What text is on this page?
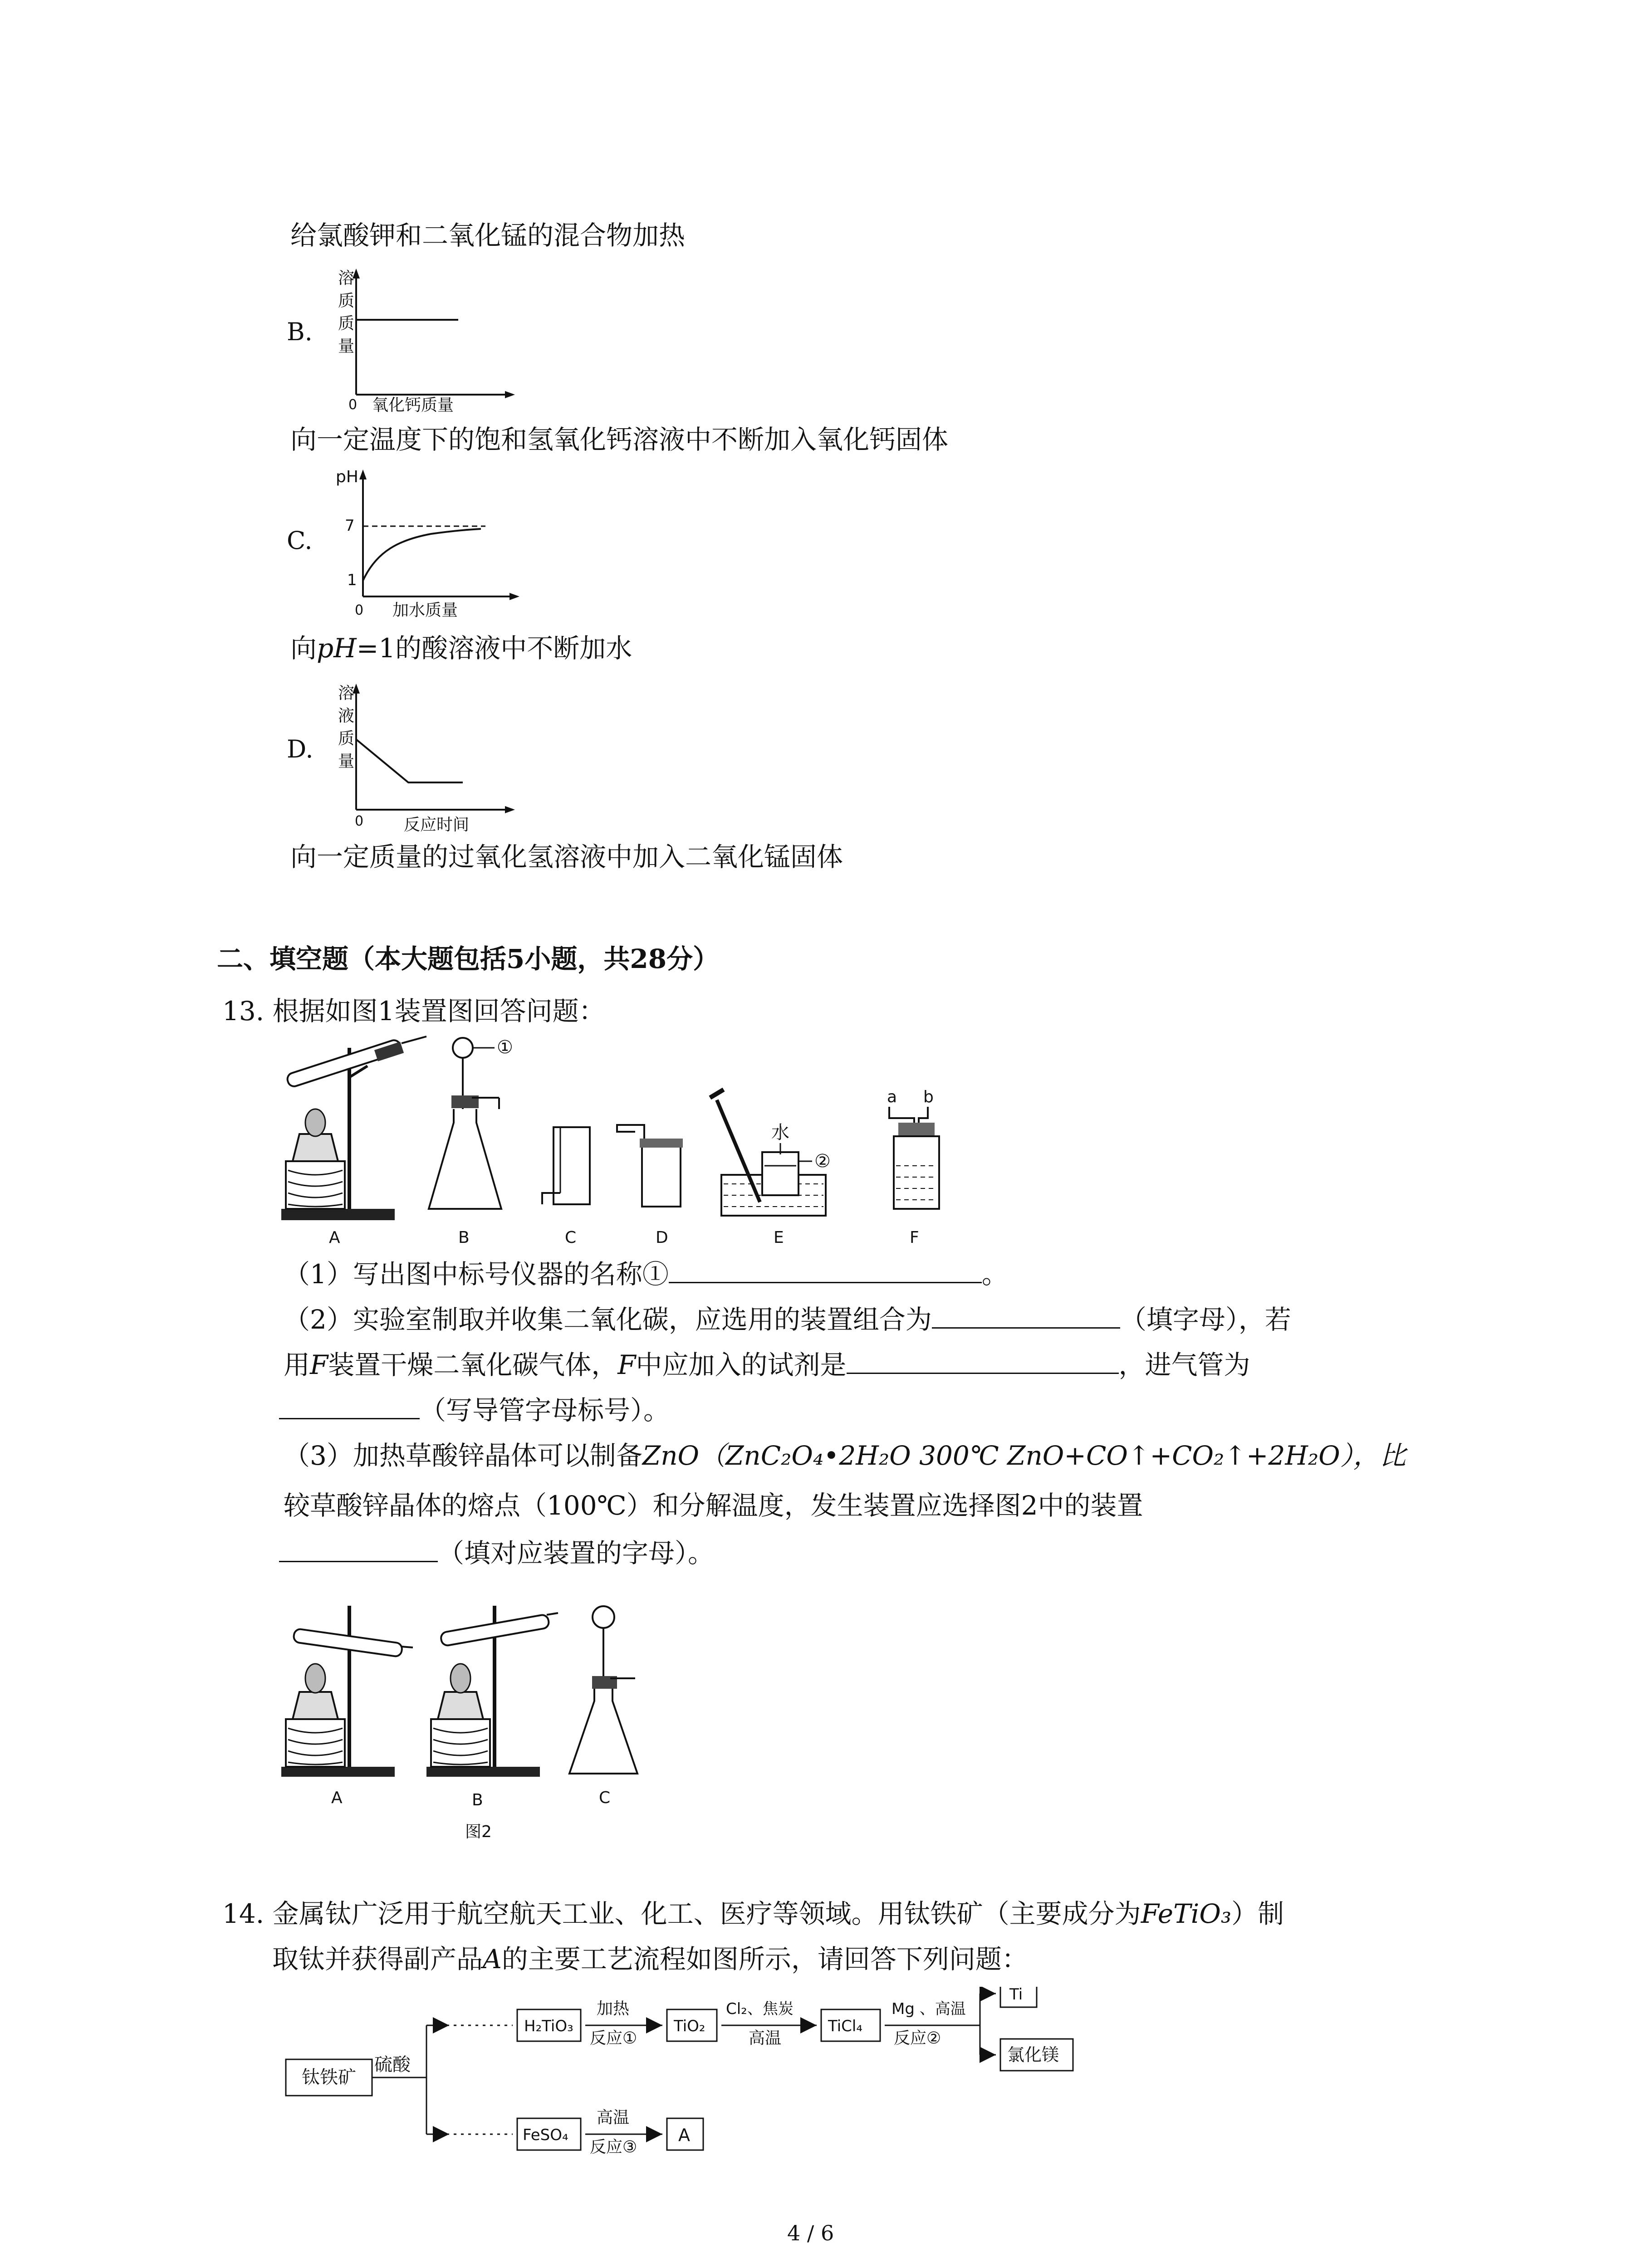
给氯酸钾和二氧化锰的混合物加热
B.
溶
质
质
量
0 氧化钙质量
向一定温度下的饱和氢氧化钙溶液中不断加入氧化钙固体
C.
pH
7
1
0 加水质量
向pH=1的酸溶液中不断加水
D.
溶
液
质
量
0 反应时间
向一定质量的过氧化氢溶液中加入二氧化锰固体
二、填空题（本大题包括5小题，共28分）
13. 根据如图1装置图回答问题：
①
水
②
a b
A	B	C	D	E	F
（1）写出图中标号仪器的名称①	。
（2）实验室制取并收集二氧化碳，应选用的装置组合为	（填字母），若
用F装置干燥二氧化碳气体，F中应加入的试剂是	，进气管为
（写导管字母标号）。
（3）加热草酸锌晶体可以制备ZnO（ZnC₂O₄•2H₂O 300℃ ZnO+CO↑+CO₂↑+2H₂O），比
较草酸锌晶体的熔点（100℃）和分解温度，发生装置应选择图2中的装置
（填对应装置的字母）。
A	B	C
图2
14. 金属钛广泛用于航空航天工业、化工、医疗等领域。用钛铁矿（主要成分为FeTiO₃）制
取钛并获得副产品A的主要工艺流程如图所示，请回答下列问题：
钛铁矿
硫酸
H₂TiO₃
加热
反应①
TiO₂
Cl₂、焦炭
高温
TiCl₄
Mg 、高温
反应②
Ti
氯化镁
FeSO₄
高温
反应③
A
4 / 6
